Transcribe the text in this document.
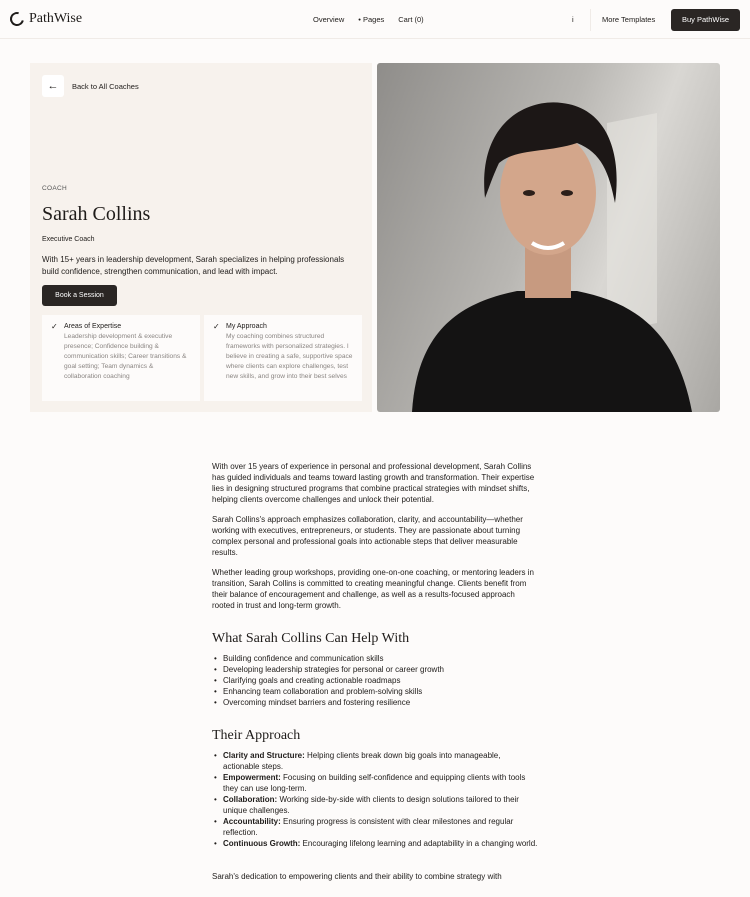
PathWise	Overview • Pages Cart (0)	i	More Templates	Buy PathWise
←	Back to All Coaches
COACH
Sarah Collins
Executive Coach
With 15+ years in leadership development, Sarah specializes in helping professionals build confidence, strengthen communication, and lead with impact.
Book a Session
✓ Areas of Expertise

Leadership development & executive presence; Confidence building & communication skills; Career transitions & goal setting; Team dynamics & collaboration coaching

✓ My Approach

My coaching combines structured frameworks with personalized strategies. I believe in creating a safe, supportive space where clients can explore challenges, test new skills, and grow into their best selves

With over 15 years of experience in personal and professional development, Sarah Collins has guided individuals and teams toward lasting growth and transformation. Their expertise lies in designing structured programs that combine practical strategies with mindset shifts, helping clients overcome challenges and unlock their potential.

Sarah Collins's approach emphasizes collaboration, clarity, and accountability—whether working with executives, entrepreneurs, or students. They are passionate about turning complex personal and professional goals into actionable steps that deliver measurable results.

Whether leading group workshops, providing one-on-one coaching, or mentoring leaders in transition, Sarah Collins is committed to creating meaningful change. Clients benefit from their balance of encouragement and challenge, as well as a results-focused approach rooted in trust and long-term growth.

What Sarah Collins Can Help With
• Building confidence and communication skills
• Developing leadership strategies for personal or career growth
• Clarifying goals and creating actionable roadmaps
• Enhancing team collaboration and problem-solving skills
• Overcoming mindset barriers and fostering resilience
Their Approach
• Clarity and Structure: Helping clients break down big goals into manageable, actionable steps.
• Empowerment: Focusing on building self-confidence and equipping clients with tools they can use long-term.
• Collaboration: Working side-by-side with clients to design solutions tailored to their unique challenges.
• Accountability: Ensuring progress is consistent with clear milestones and regular reflection.
• Continuous Growth: Encouraging lifelong learning and adaptability in a changing world.

Sarah's dedication to empowering clients and their ability to combine strategy with
